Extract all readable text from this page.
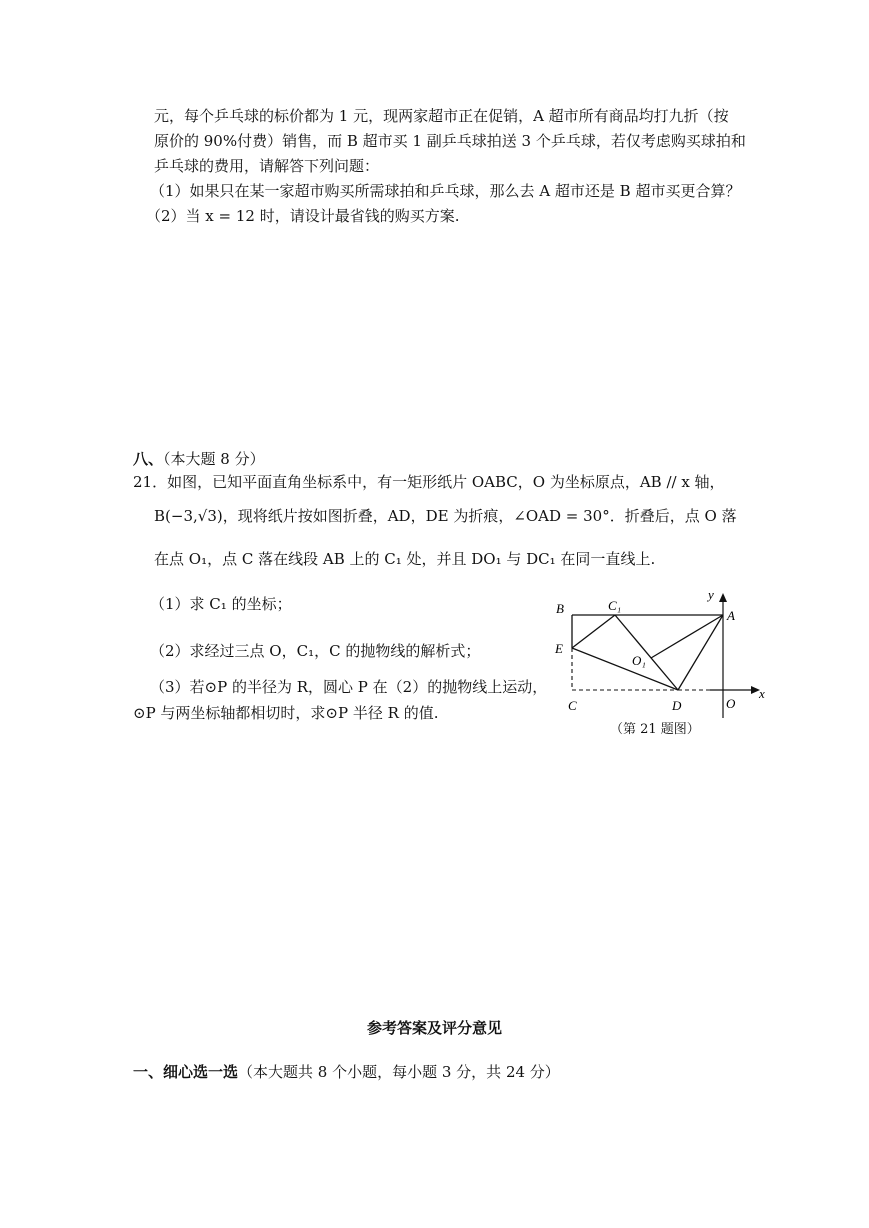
元，每个乒乓球的标价都为 1 元，现两家超市正在促销，A 超市所有商品均打九折（按
原价的 90%付费）销售，而 B 超市买 1 副乒乓球拍送 3 个乒乓球，若仅考虑购买球拍和
乒乓球的费用，请解答下列问题：
（1）如果只在某一家超市购买所需球拍和乒乓球，那么去 A 超市还是 B 超市买更合算？
（2）当 x = 12 时，请设计最省钱的购买方案.
八、（本大题 8 分）
21．如图，已知平面直角坐标系中，有一矩形纸片 OABC，O 为坐标原点，AB // x 轴，
B(−3,√3)，现将纸片按如图折叠，AD，DE 为折痕，∠OAD = 30°．折叠后，点 O 落
在点 O₁，点 C 落在线段 AB 上的 C₁ 处，并且 DO₁ 与 DC₁ 在同一直线上.
（1）求 C₁ 的坐标；
（2）求经过三点 O，C₁，C 的抛物线的解析式；
（3）若⊙P 的半径为 R，圆心 P 在（2）的抛物线上运动，
⊙P 与两坐标轴都相切时，求⊙P 半径 R 的值.
B	C₁
y
A
E
O₁
C	D	O
x
（第 21 题图）
参考答案及评分意见
一、细心选一选（本大题共 8 个小题，每小题 3 分，共 24 分）
